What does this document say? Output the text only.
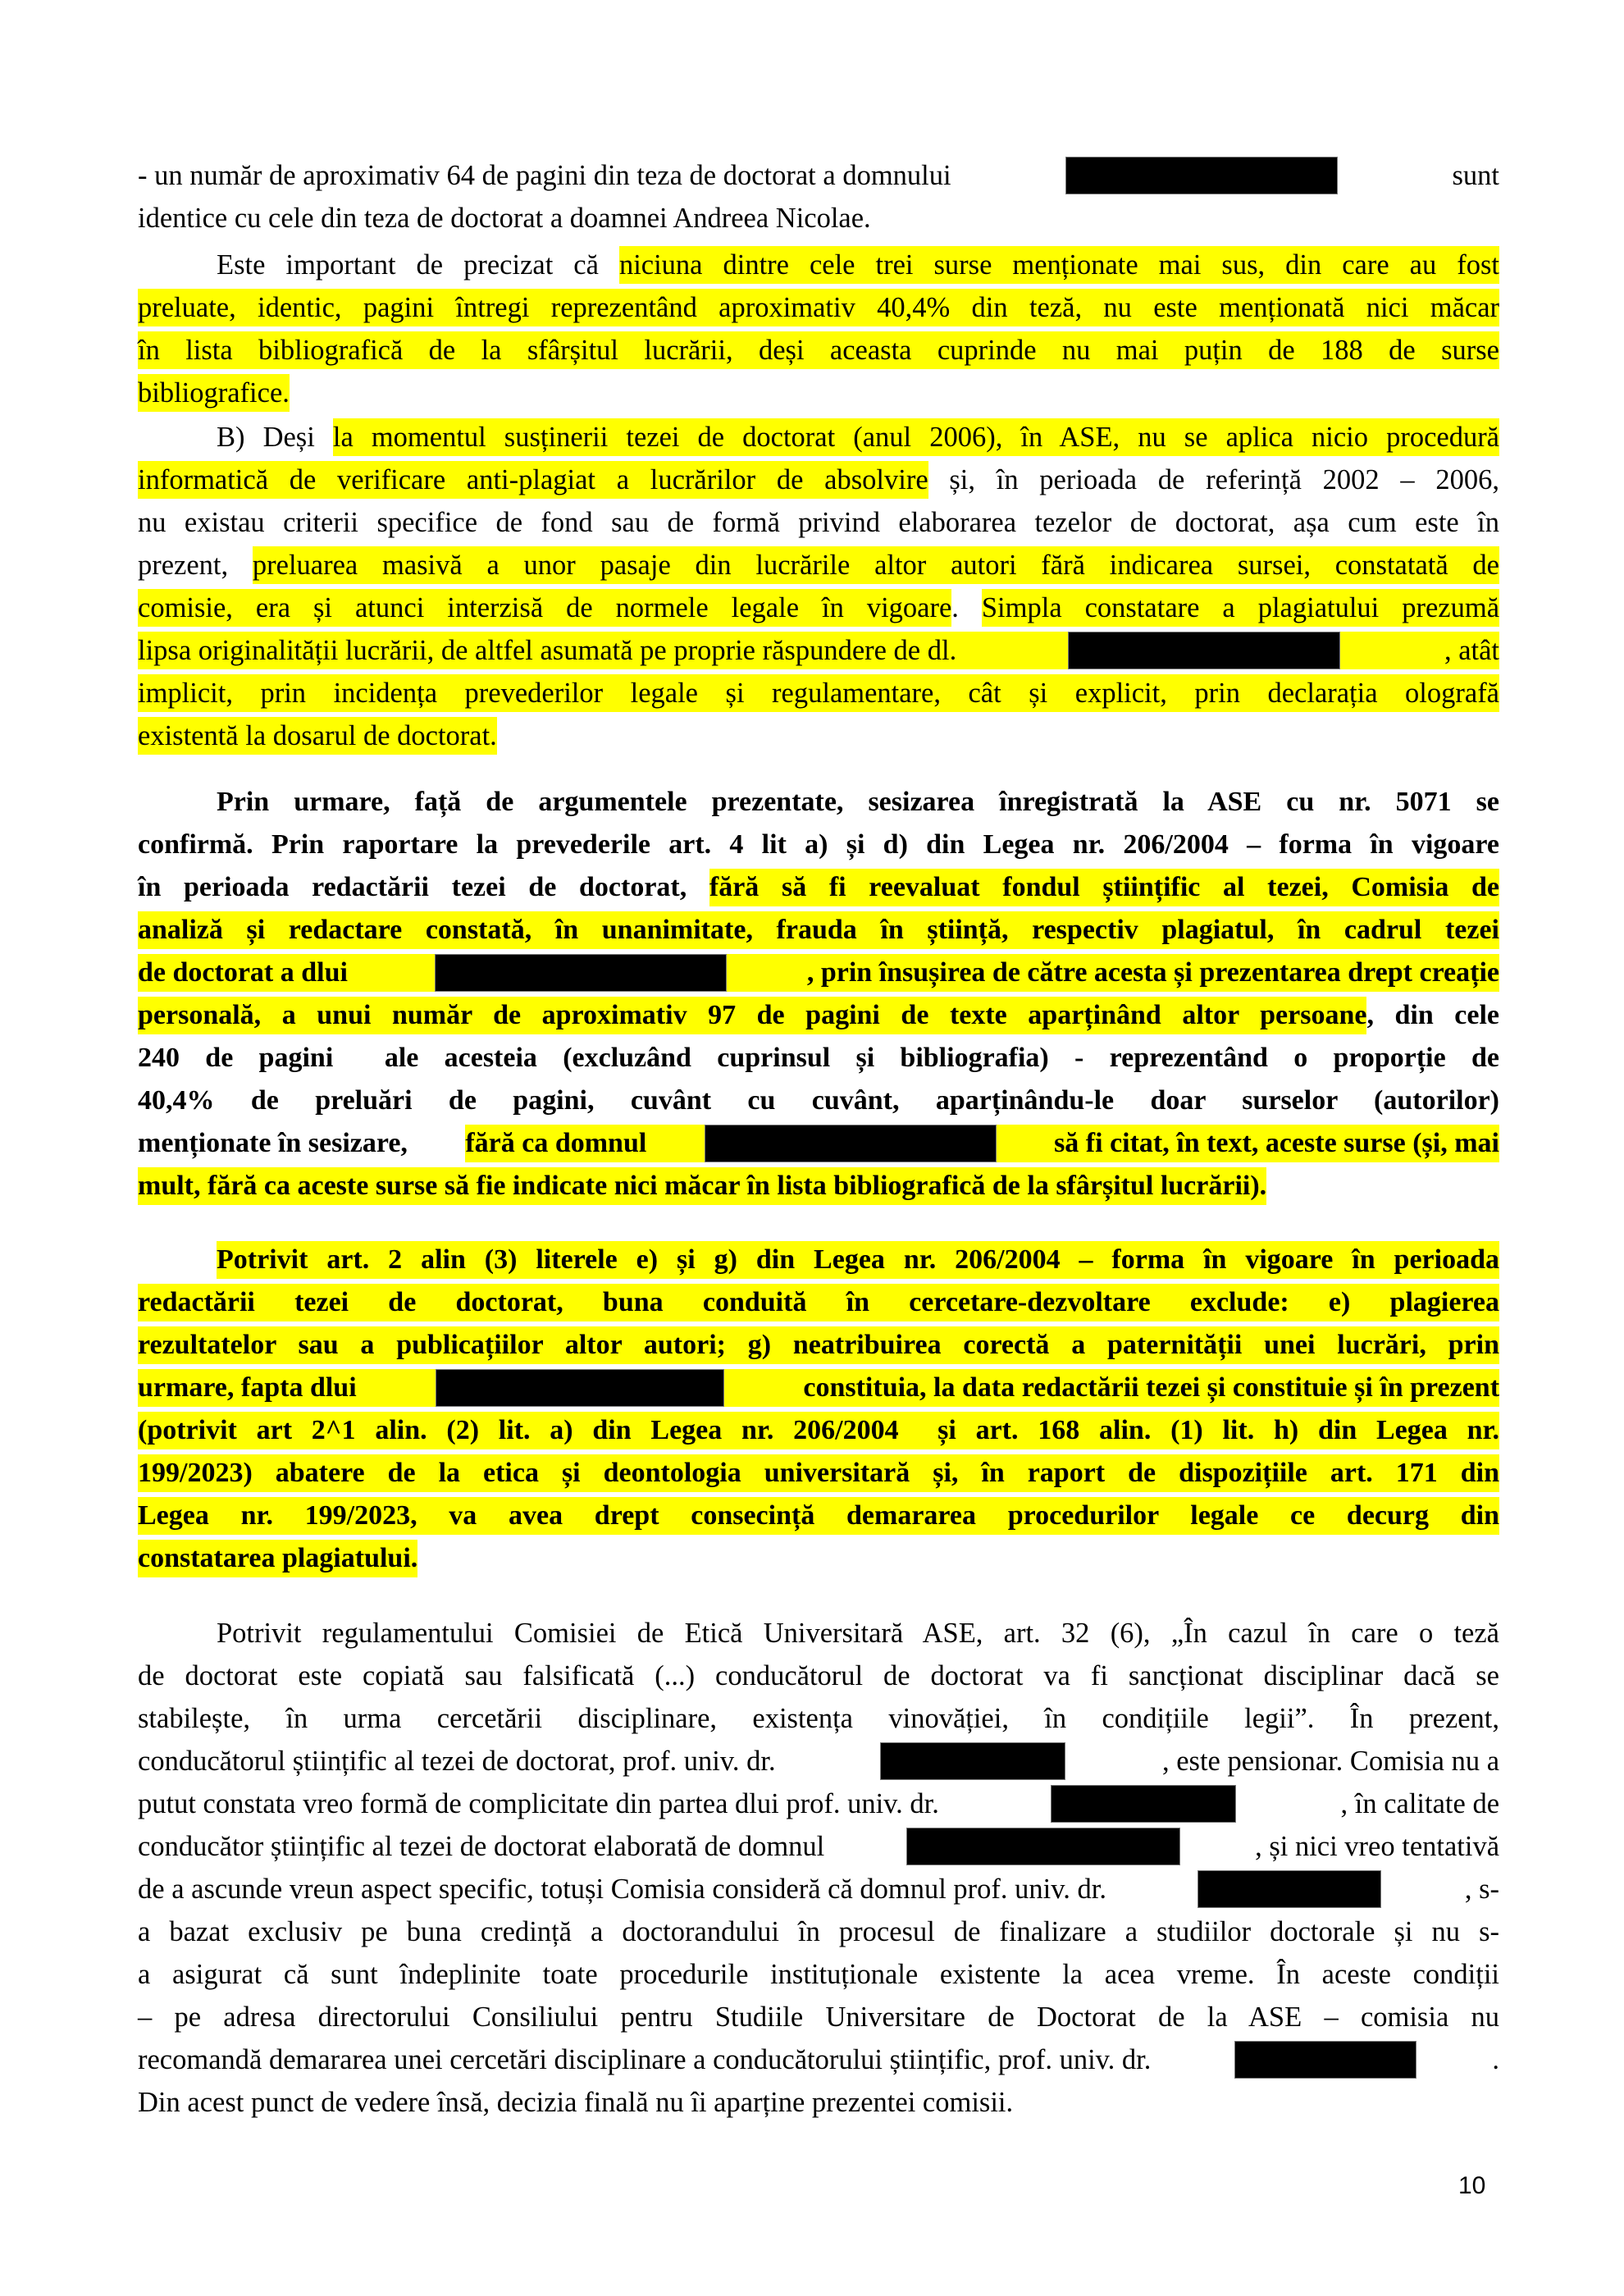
- un număr de aproximativ 64 de pagini din teza de doctorat a domnului	sunt
identice cu cele din teza de doctorat a doamnei Andreea Nicolae.
Este important de precizat că niciuna dintre cele trei surse menționate mai sus, din care au fost
preluate, identic, pagini întregi reprezentând aproximativ 40,4% din teză, nu este menționată nici măcar
în lista bibliografică de la sfârșitul lucrării, deși aceasta cuprinde nu mai puțin de 188 de surse
bibliografice.
B) Deși la momentul susținerii tezei de doctorat (anul 2006), în ASE, nu se aplica nicio procedură
informatică de verificare anti-plagiat a lucrărilor de absolvire și, în perioada de referință 2002 – 2006,
nu existau criterii specifice de fond sau de formă privind elaborarea tezelor de doctorat, așa cum este în
prezent, preluarea masivă a unor pasaje din lucrările altor autori fără indicarea sursei, constatată de
comisie, era și atunci interzisă de normele legale în vigoare . Simpla constatare a plagiatului prezumă
lipsa originalității lucrării, de altfel asumată pe proprie răspundere de dl.	, atât
implicit, prin incidența prevederilor legale și regulamentare, cât și explicit, prin declarația olografă
existentă la dosarul de doctorat.
Prin urmare, față de argumentele prezentate, sesizarea înregistrată la ASE cu nr. 5071 se
confirmă. Prin raportare la prevederile art. 4 lit a) și d) din Legea nr. 206/2004 – forma în vigoare
în perioada redactării tezei de doctorat, fără să fi reevaluat fondul științific al tezei, Comisia de
analiză și redactare constată, în unanimitate, frauda în știință, respectiv plagiatul, în cadrul tezei
de doctorat a dlui	, prin însușirea de către acesta și prezentarea drept creație
personală, a unui număr de aproximativ 97 de pagini de texte aparținând altor persoane , din cele
240 de pagini  ale acesteia (excluzând cuprinsul și bibliografia) - reprezentând o proporție de
40,4% de preluări de pagini, cuvânt cu cuvânt, aparținându-le doar surselor (autorilor)
menționate în sesizare, fără ca domnul	să fi citat, în text, aceste surse (și, mai
mult, fără ca aceste surse să fie indicate nici măcar în lista bibliografică de la sfârșitul lucrării).
Potrivit art. 2 alin (3) literele e) și g) din Legea nr. 206/2004 – forma în vigoare în perioada
redactării tezei de doctorat, buna conduită în cercetare-dezvoltare exclude: e) plagierea
rezultatelor sau a publicațiilor altor autori; g) neatribuirea corectă a paternității unei lucrări, prin
urmare, fapta dlui	constituia, la data redactării tezei și constituie și în prezent
(potrivit art 2^1 alin. (2) lit. a) din Legea nr. 206/2004  și art. 168 alin. (1) lit. h) din Legea nr.
199/2023) abatere de la etica și deontologia universitară și, în raport de dispozițiile art. 171 din
Legea nr. 199/2023, va avea drept consecință demararea procedurilor legale ce decurg din
constatarea plagiatului.
Potrivit regulamentului Comisiei de Etică Universitară ASE, art. 32 (6), „În cazul în care o teză
de doctorat este copiată sau falsificată (...) conducătorul de doctorat va fi sancționat disciplinar dacă se
stabilește, în urma cercetării disciplinare, existența vinovăției, în condițiile legii”. În prezent,
conducătorul științific al tezei de doctorat, prof. univ. dr.	, este pensionar. Comisia nu a
putut constata vreo formă de complicitate din partea dlui prof. univ. dr.	, în calitate de
conducător științific al tezei de doctorat elaborată de domnul	, și nici vreo tentativă
de a ascunde vreun aspect specific, totuși Comisia consideră că domnul prof. univ. dr.	, s-
a bazat exclusiv pe buna credință a doctorandului în procesul de finalizare a studiilor doctorale și nu s-
a asigurat că sunt îndeplinite toate procedurile instituționale existente la acea vreme. În aceste condiții
– pe adresa directorului Consiliului pentru Studiile Universitare de Doctorat de la ASE – comisia nu
recomandă demararea unei cercetări disciplinare a conducătorului științific, prof. univ. dr.	.
Din acest punct de vedere însă, decizia finală nu îi aparține prezentei comisii.
10
